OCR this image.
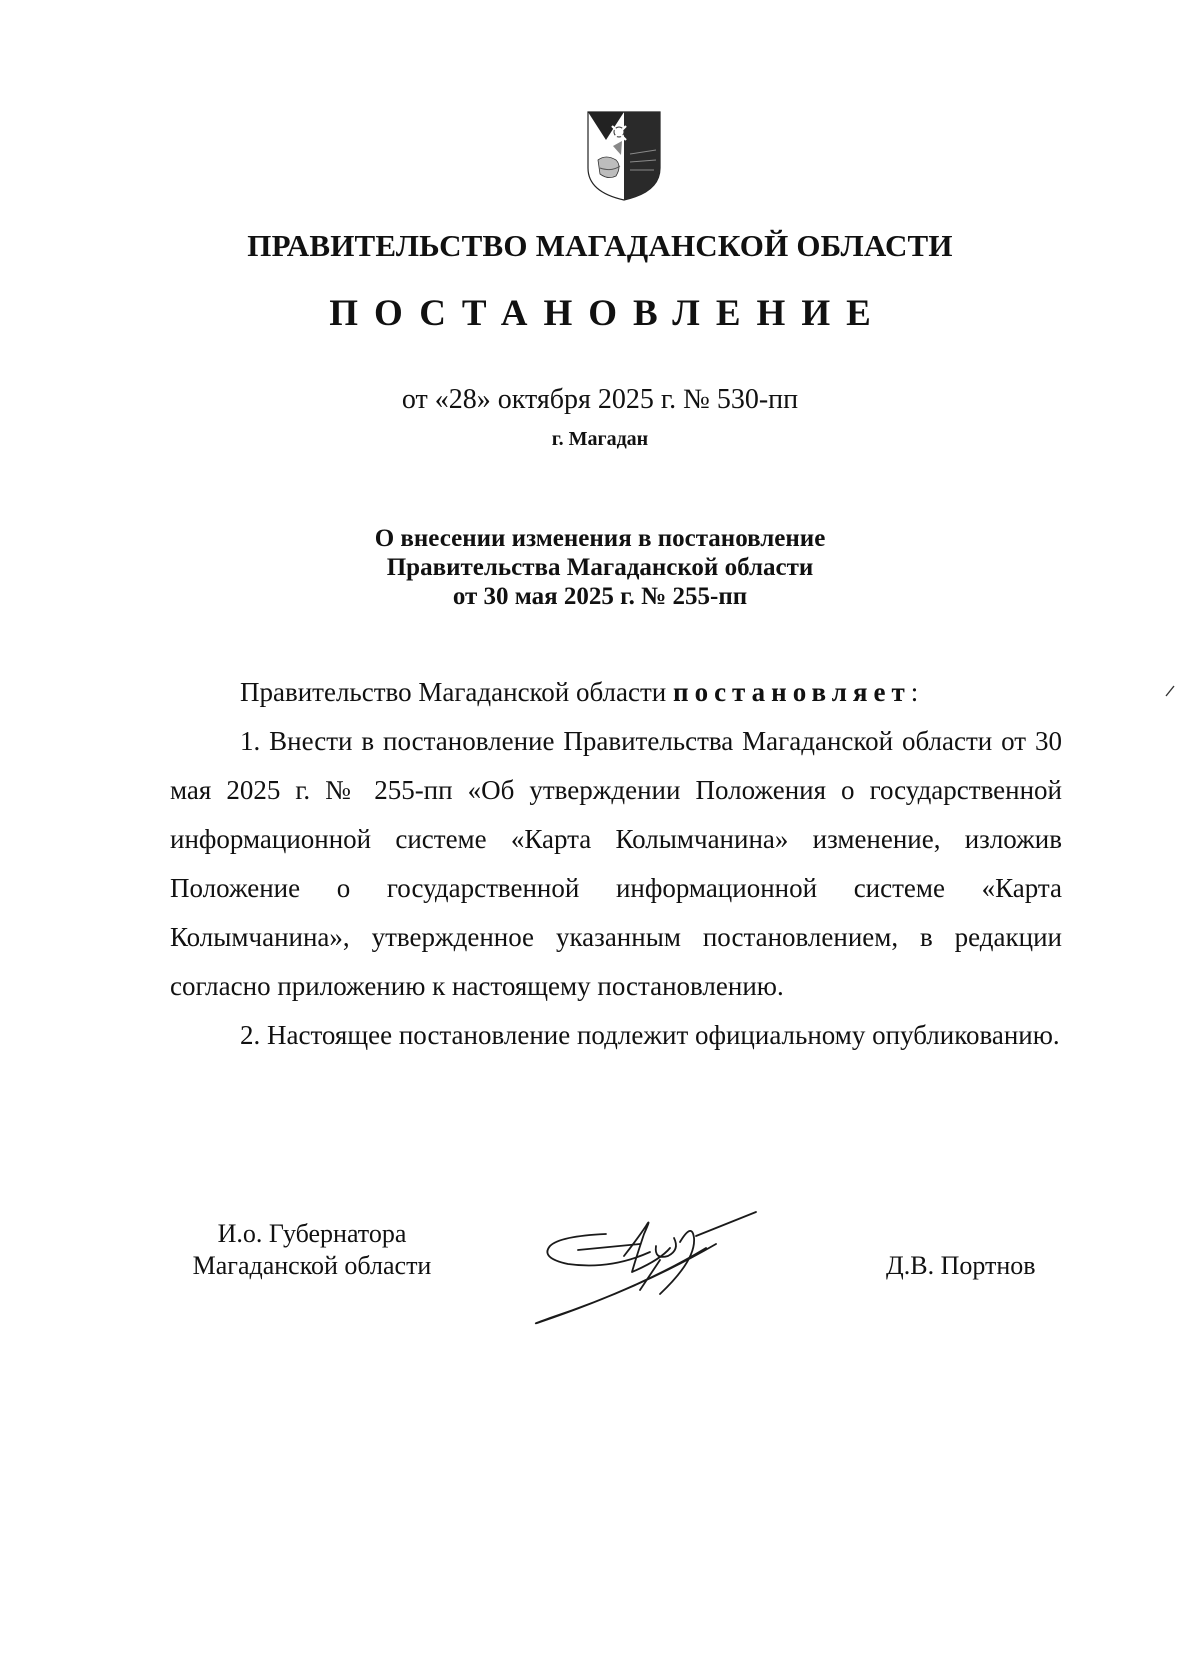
ПРАВИТЕЛЬСТВО МАГАДАНСКОЙ ОБЛАСТИ
ПОСТАНОВЛЕНИЕ
от «28» октября 2025 г. № 530-пп
г. Магадан
О внесении изменения в постановление
Правительства Магаданской области
от 30 мая 2025 г. № 255-пп

Правительство Магаданской области постановляет:

1. Внести в постановление Правительства Магаданской области от 30 мая 2025 г. № 255-пп «Об утверждении Положения о государственной информационной системе «Карта Колымчанина» изменение, изложив Положение о государственной информационной системе «Карта Колымчанина», утвержденное указанным постановлением, в редакции согласно приложению к настоящему постановлению.

2. Настоящее постановление подлежит официальному опубликованию.

И.о. Губернатора
Магаданской области	Д.В. Портнов
